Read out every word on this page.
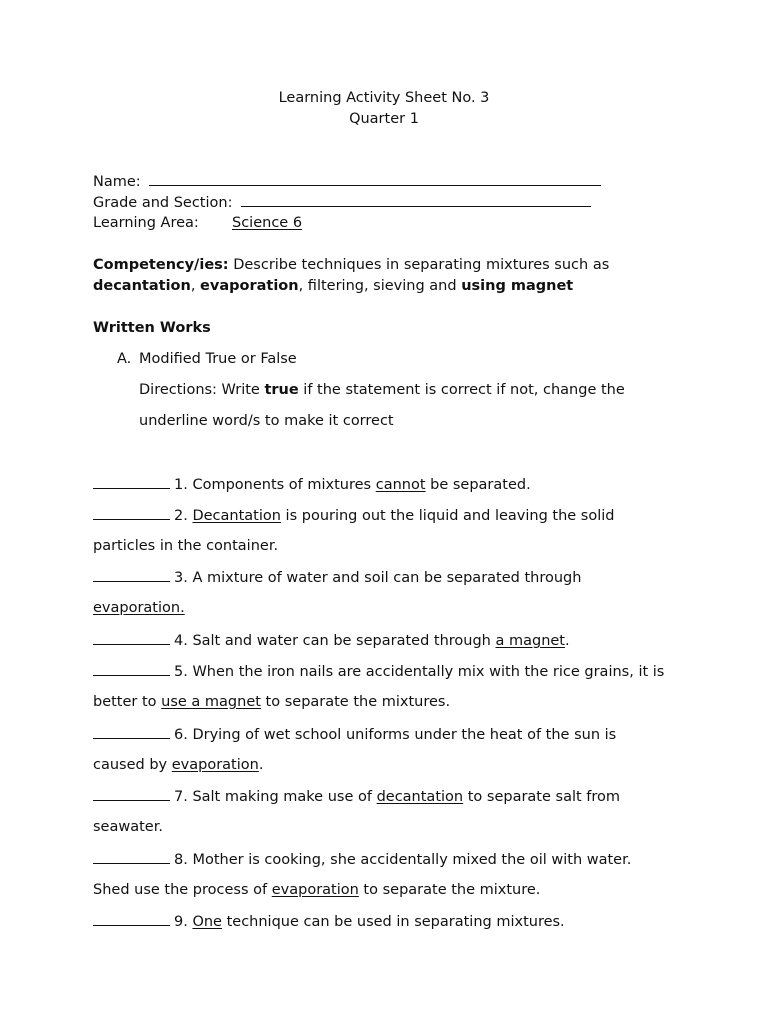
Learning Activity Sheet No. 3
Quarter 1
Name:
Grade and Section:
Learning Area: Science 6
Competency/ies: Describe techniques in separating mixtures such as
decantation, evaporation, filtering, sieving and using magnet
Written Works
A. Modified True or False
Directions: Write true if the statement is correct if not, change the
underline word/s to make it correct
1. Components of mixtures cannot be separated.
2. Decantation is pouring out the liquid and leaving the solid
particles in the container.
3. A mixture of water and soil can be separated through
evaporation.
4. Salt and water can be separated through a magnet.
5. When the iron nails are accidentally mix with the rice grains, it is
better to use a magnet to separate the mixtures.
6. Drying of wet school uniforms under the heat of the sun is
caused by evaporation.
7. Salt making make use of decantation to separate salt from
seawater.
8. Mother is cooking, she accidentally mixed the oil with water.
Shed use the process of evaporation to separate the mixture.
9. One technique can be used in separating mixtures.
